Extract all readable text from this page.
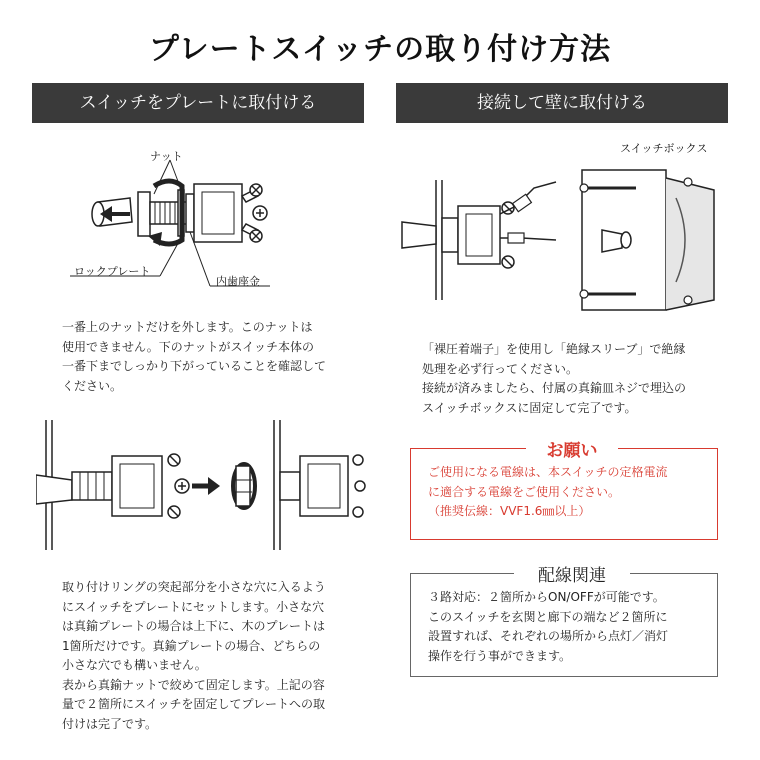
プレートスイッチの取り付け方法
スイッチをプレートに取付ける	接続して壁に取付ける
ナット
ロックプレート
内歯座金
一番上のナットだけを外します。このナットは
使用できません。下のナットがスイッチ本体の
一番下までしっかり下がっていることを確認して
ください。
取り付けリングの突起部分を小さな穴に入るよう
にスイッチをプレートにセットします。小さな穴
は真鍮プレートの場合は上下に、木のプレートは
1箇所だけです。真鍮プレートの場合、どちらの
小さな穴でも構いません。
表から真鍮ナットで絞めて固定します。上記の容
量で２箇所にスイッチを固定してプレートへの取
付けは完了です。
スイッチボックス
「裸圧着端子」を使用し「絶縁スリーブ」で絶縁
処理を必ず行ってください。
接続が済みましたら、付属の真鍮皿ネジで埋込の
スイッチボックスに固定して完了です。
お願い
ご使用になる電線は、本スイッチの定格電流
に適合する電線をご使用ください。
（推奨伝線：VVF1.6㎜以上）
配線関連
３路対応：２箇所からON/OFFが可能です。
このスイッチを玄関と廊下の端など２箇所に
設置すれば、それぞれの場所から点灯／消灯
操作を行う事ができます。
